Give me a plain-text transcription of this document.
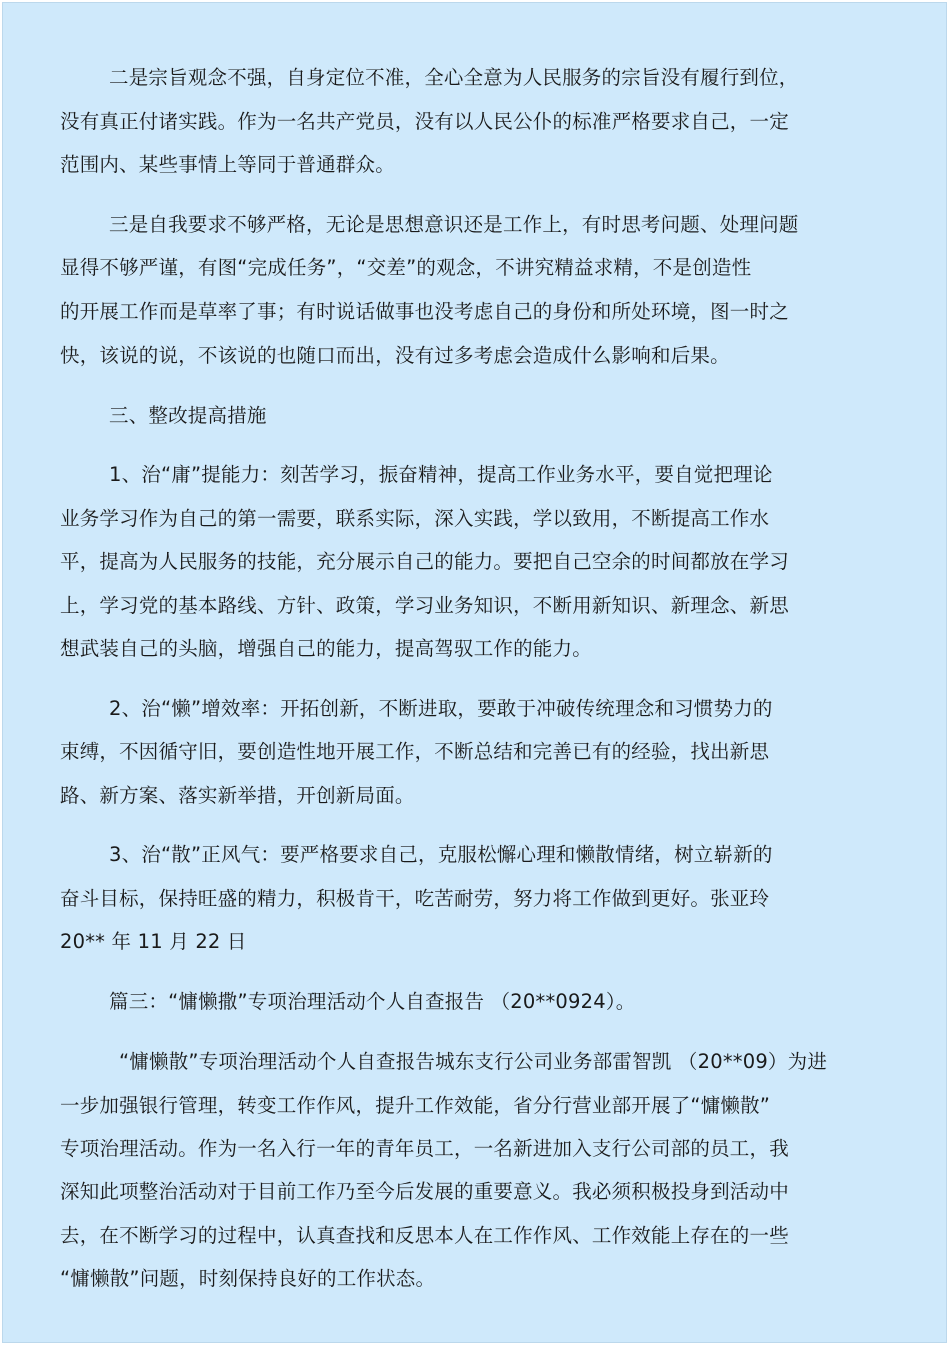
二是宗旨观念不强，自身定位不准，全心全意为人民服务的宗旨没有履行到位，

没有真正付诸实践。作为一名共产党员，没有以人民公仆的标准严格要求自己，一定

范围内、某些事情上等同于普通群众。

三是自我要求不够严格，无论是思想意识还是工作上，有时思考问题、处理问题

显得不够严谨，有图“完成任务”，“交差”的观念，不讲究精益求精，不是创造性

的开展工作而是草率了事；有时说话做事也没考虑自己的身份和所处环境，图一时之

快，该说的说，不该说的也随口而出，没有过多考虑会造成什么影响和后果。

三、整改提高措施

1、治“庸”提能力：刻苦学习，振奋精神，提高工作业务水平，要自觉把理论

业务学习作为自己的第一需要，联系实际，深入实践，学以致用，不断提高工作水

平，提高为人民服务的技能，充分展示自己的能力。要把自己空余的时间都放在学习

上，学习党的基本路线、方针、政策，学习业务知识，不断用新知识、新理念、新思

想武装自己的头脑，增强自己的能力，提高驾驭工作的能力。

2、治“懒”增效率：开拓创新，不断进取，要敢于冲破传统理念和习惯势力的

束缚，不因循守旧，要创造性地开展工作，不断总结和完善已有的经验，找出新思

路、新方案、落实新举措，开创新局面。

3、治“散”正风气：要严格要求自己，克服松懈心理和懒散情绪，树立崭新的

奋斗目标，保持旺盛的精力，积极肯干，吃苦耐劳，努力将工作做到更好。张亚玲

20** 年 11 月 22 日

篇三：“慵懒撒”专项治理活动个人自查报告 （20**0924）。

“慵懒散”专项治理活动个人自查报告城东支行公司业务部雷智凯 （20**09）为进

一步加强银行管理，转变工作作风，提升工作效能，省分行营业部开展了“慵懒散”

专项治理活动。作为一名入行一年的青年员工，一名新进加入支行公司部的员工，我

深知此项整治活动对于目前工作乃至今后发展的重要意义。我必须积极投身到活动中

去，在不断学习的过程中，认真查找和反思本人在工作作风、工作效能上存在的一些

“慵懒散”问题，时刻保持良好的工作状态。
